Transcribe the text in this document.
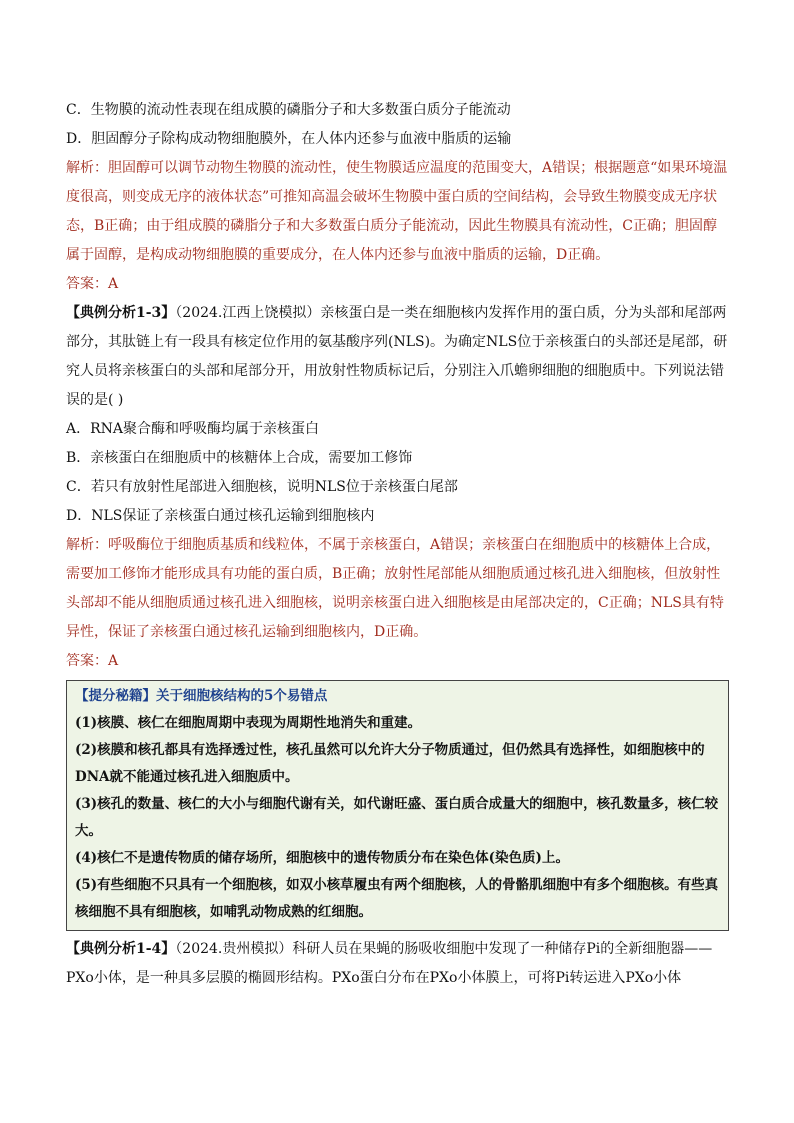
C．生物膜的流动性表现在组成膜的磷脂分子和大多数蛋白质分子能流动
D．胆固醇分子除构成动物细胞膜外，在人体内还参与血液中脂质的运输

解析：胆固醇可以调节动物生物膜的流动性，使生物膜适应温度的范围变大，A错误；根据题意“如果环境温度很高，则变成无序的液体状态”可推知高温会破坏生物膜中蛋白质的空间结构，会导致生物膜变成无序状态，B正确；由于组成膜的磷脂分子和大多数蛋白质分子能流动，因此生物膜具有流动性，C正确；胆固醇属于固醇，是构成动物细胞膜的重要成分，在人体内还参与血液中脂质的运输，D正确。

答案：A

【典例分析1-3】（2024.江西上饶模拟）亲核蛋白是一类在细胞核内发挥作用的蛋白质，分为头部和尾部两部分，其肽链上有一段具有核定位作用的氨基酸序列(NLS)。为确定NLS位于亲核蛋白的头部还是尾部，研究人员将亲核蛋白的头部和尾部分开，用放射性物质标记后，分别注入爪蟾卵细胞的细胞质中。下列说法错误的是( )

A．RNA聚合酶和呼吸酶均属于亲核蛋白
B．亲核蛋白在细胞质中的核糖体上合成，需要加工修饰
C．若只有放射性尾部进入细胞核，说明NLS位于亲核蛋白尾部
D．NLS保证了亲核蛋白通过核孔运输到细胞核内

解析：呼吸酶位于细胞质基质和线粒体，不属于亲核蛋白，A错误；亲核蛋白在细胞质中的核糖体上合成，需要加工修饰才能形成具有功能的蛋白质，B正确；放射性尾部能从细胞质通过核孔进入细胞核，但放射性头部却不能从细胞质通过核孔进入细胞核，说明亲核蛋白进入细胞核是由尾部决定的，C正确；NLS具有特异性，保证了亲核蛋白通过核孔运输到细胞核内，D正确。

答案：A

【提分秘籍】关于细胞核结构的5个易错点

(1)核膜、核仁在细胞周期中表现为周期性地消失和重建。

(2)核膜和核孔都具有选择透过性，核孔虽然可以允许大分子物质通过，但仍然具有选择性，如细胞核中的DNA就不能通过核孔进入细胞质中。

(3)核孔的数量、核仁的大小与细胞代谢有关，如代谢旺盛、蛋白质合成量大的细胞中，核孔数量多，核仁较大。

(4)核仁不是遗传物质的储存场所，细胞核中的遗传物质分布在染色体(染色质)上。

(5)有些细胞不只具有一个细胞核，如双小核草履虫有两个细胞核，人的骨骼肌细胞中有多个细胞核。有些真核细胞不具有细胞核，如哺乳动物成熟的红细胞。

【典例分析1-4】（2024.贵州模拟）科研人员在果蝇的肠吸收细胞中发现了一种储存Pi的全新细胞器——PXo小体，是一种具多层膜的椭圆形结构。PXo蛋白分布在PXo小体膜上，可将Pi转运进入PXo小体
